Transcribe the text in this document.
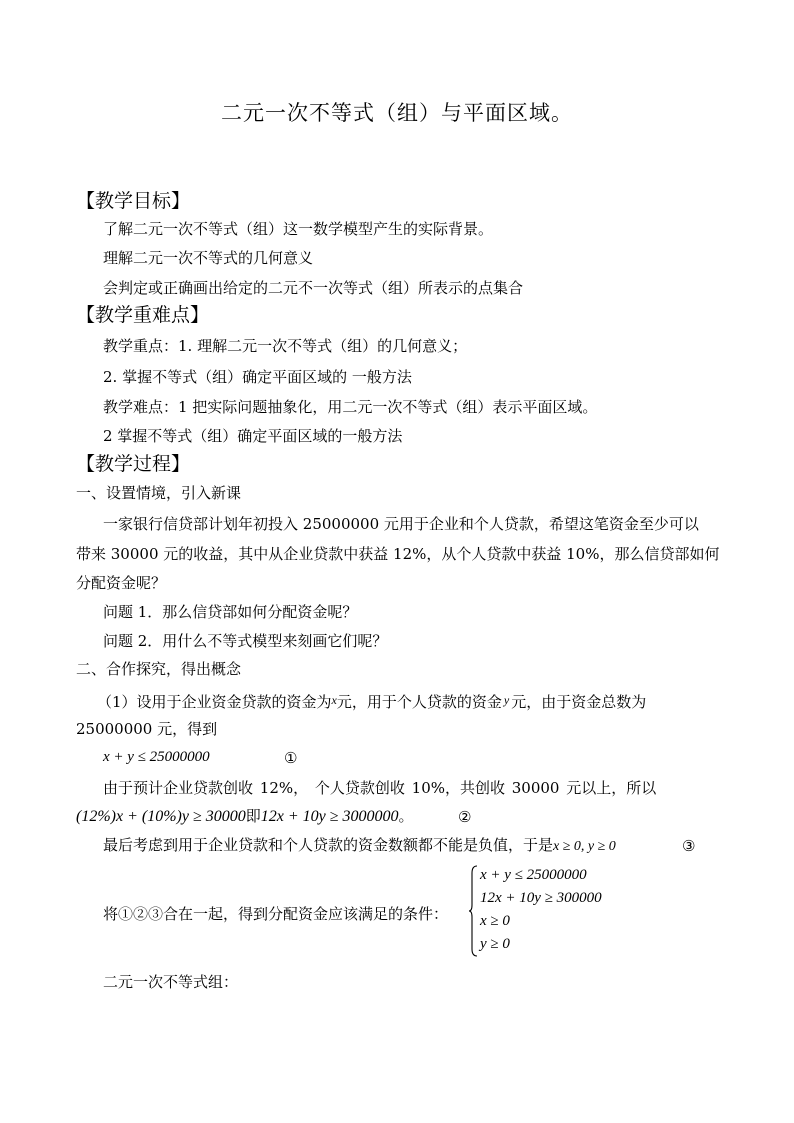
二元一次不等式（组）与平面区域。
【教学目标】
了解二元一次不等式（组）这一数学模型产生的实际背景。
理解二元一次不等式的几何意义
会判定或正确画出给定的二元不一次等式（组）所表示的点集合
【教学重难点】
教学重点：1. 理解二元一次不等式（组）的几何意义；
2. 掌握不等式（组）确定平面区域的 一般方法
教学难点：1 把实际问题抽象化，用二元一次不等式（组）表示平面区域。
2 掌握不等式（组）确定平面区域的一般方法
【教学过程】
一、设置情境，引入新课
一家银行信贷部计划年初投入 25000000 元用于企业和个人贷款，希望这笔资金至少可以
带来 30000 元的收益，其中从企业贷款中获益 12%，从个人贷款中获益 10%，那么信贷部如何
分配资金呢？
问题 1．那么信贷部如何分配资金呢？
问题 2．用什么不等式模型来刻画它们呢？
二、合作探究，得出概念
（1）设用于企业资金贷款的资金为$^x$元，用于个人贷款的资金 $^y$ 元，由于资金总数为
25000000 元，得到
x + y ≤ 25000000	①
由于预计企业贷款创收 12%， 个人贷款创收 10%，共创收 30000 元以上，所以
(12%)x + (10%)y ≥ 30000即12x + 10y ≥ 3000000。	②
最后考虑到用于企业贷款和个人贷款的资金数额都不能是负值，于是x ≥ 0, y ≥ 0	③
将①②③合在一起，得到分配资金应该满足的条件：
x + y ≤ 25000000
12x + 10y ≥ 300000
x ≥ 0
y ≥ 0
二元一次不等式组：
